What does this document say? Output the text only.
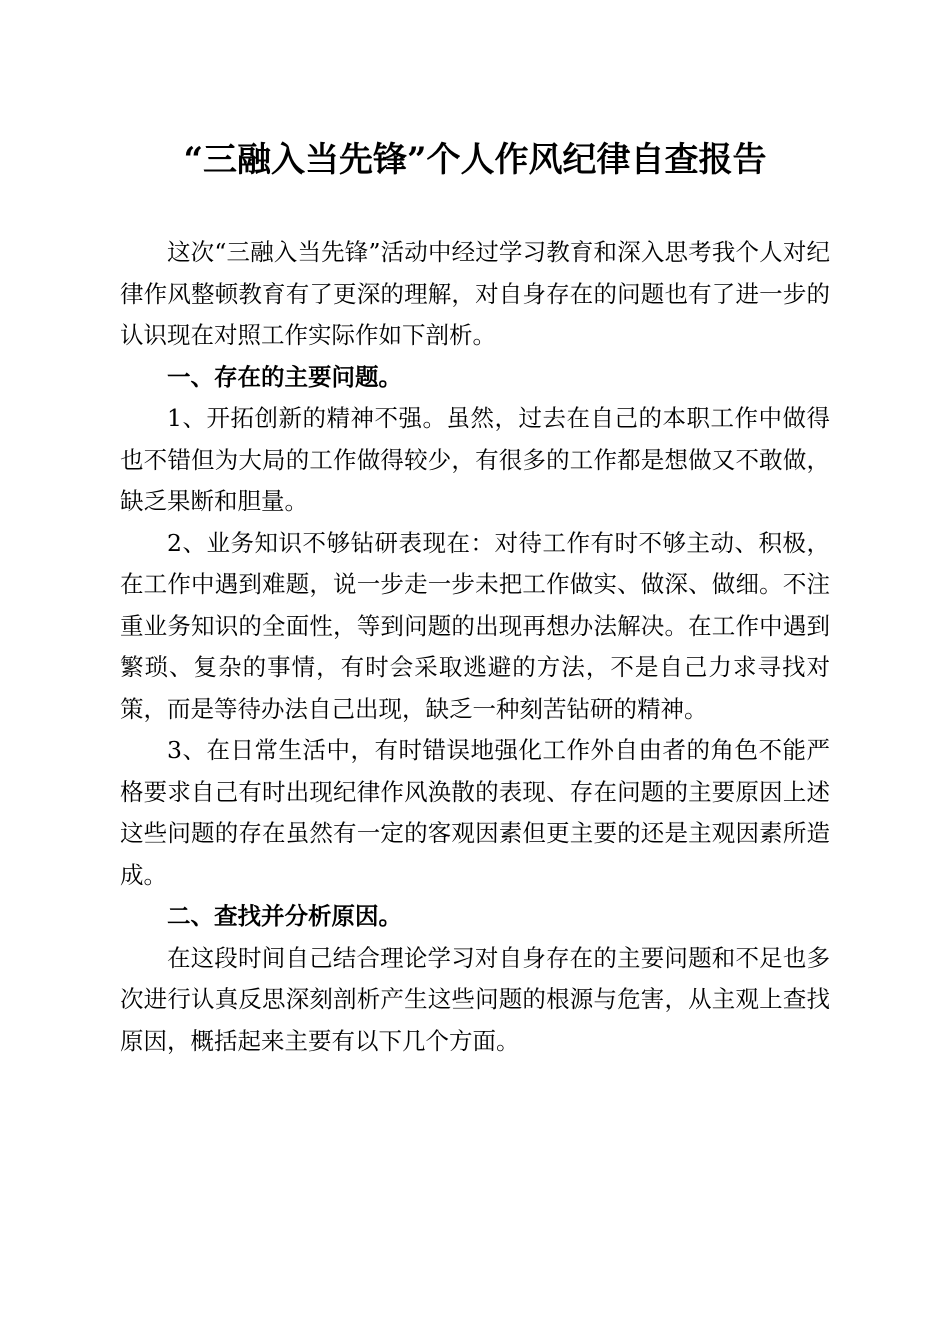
“三融入当先锋”个人作风纪律自查报告

这次“三融入当先锋”活动中经过学习教育和深入思考我个人对纪律作风整顿教育有了更深的理解，对自身存在的问题也有了进一步的认识现在对照工作实际作如下剖析。

一、存在的主要问题。

1、开拓创新的精神不强。虽然，过去在自己的本职工作中做得也不错但为大局的工作做得较少，有很多的工作都是想做又不敢做，缺乏果断和胆量。

2、业务知识不够钻研表现在：对待工作有时不够主动、积极，在工作中遇到难题，说一步走一步未把工作做实、做深、做细。不注重业务知识的全面性，等到问题的出现再想办法解决。在工作中遇到繁琐、复杂的事情，有时会采取逃避的方法，不是自己力求寻找对策，而是等待办法自己出现，缺乏一种刻苦钻研的精神。

3、在日常生活中，有时错误地强化工作外自由者的角色不能严格要求自己有时出现纪律作风涣散的表现、存在问题的主要原因上述这些问题的存在虽然有一定的客观因素但更主要的还是主观因素所造成。

二、查找并分析原因。

在这段时间自己结合理论学习对自身存在的主要问题和不足也多次进行认真反思深刻剖析产生这些问题的根源与危害，从主观上查找原因，概括起来主要有以下几个方面。
